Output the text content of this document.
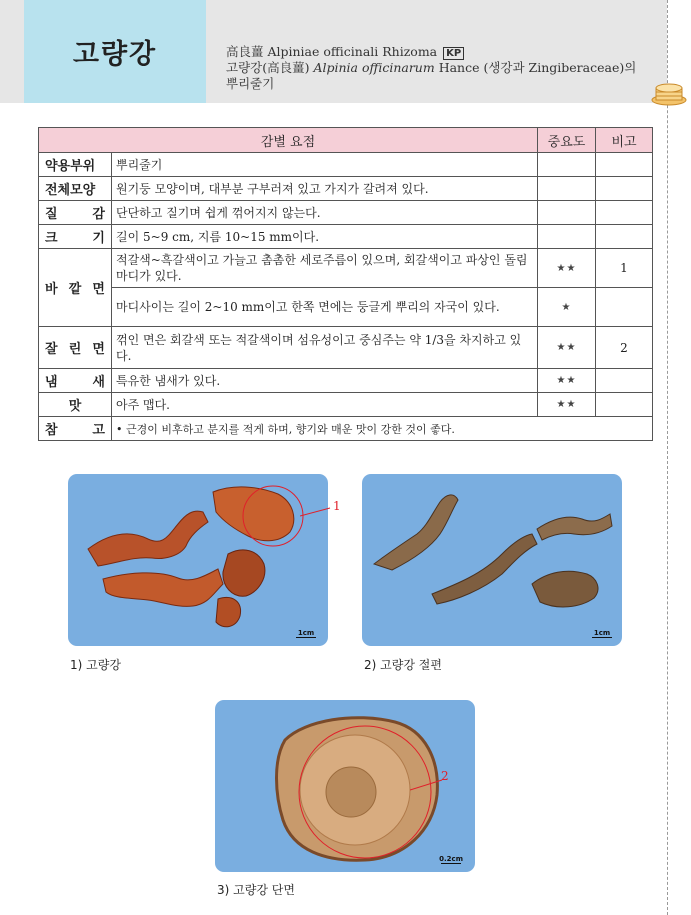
고량강	高良薑 Alpiniae officinali Rhizoma KP
고량강(高良薑) Alpinia officinarum Hance (생강과 Zingiberaceae)의
뿌리줄기
감별 요점		중요도	비고
약용부위	뿌리줄기		
전체모양	원기둥 모양이며, 대부분 구부러져 있고 가지가 갈려져 있다.		
질 감	단단하고 질기며 쉽게 꺾어지지 않는다.		
크 기	길이 5~9 cm, 지름 10~15 mm이다.		
바 깥 면	적갈색~흑갈색이고 가늘고 촘촘한 세로주름이 있으며, 회갈색이고 파상인 돌림 마디가 있다.	★★	1
	마디사이는 길이 2~10 mm이고 한쪽 면에는 둥글게 뿌리의 자국이 있다.	★	
잘 린 면	꺾인 면은 회갈색 또는 적갈색이며 섬유성이고 중심주는 약 1/3을 차지하고 있다.	★★	2
냄 새	특유한 냄새가 있다.	★★	
맛	아주 맵다.	★★	
참 고	• 근경이 비후하고 분지를 적게 하며, 향기와 매운 맛이 강한 것이 좋다.		
1cm
1
1) 고량강
1cm
2) 고량강 절편
0.2cm
2
3) 고량강 단면
